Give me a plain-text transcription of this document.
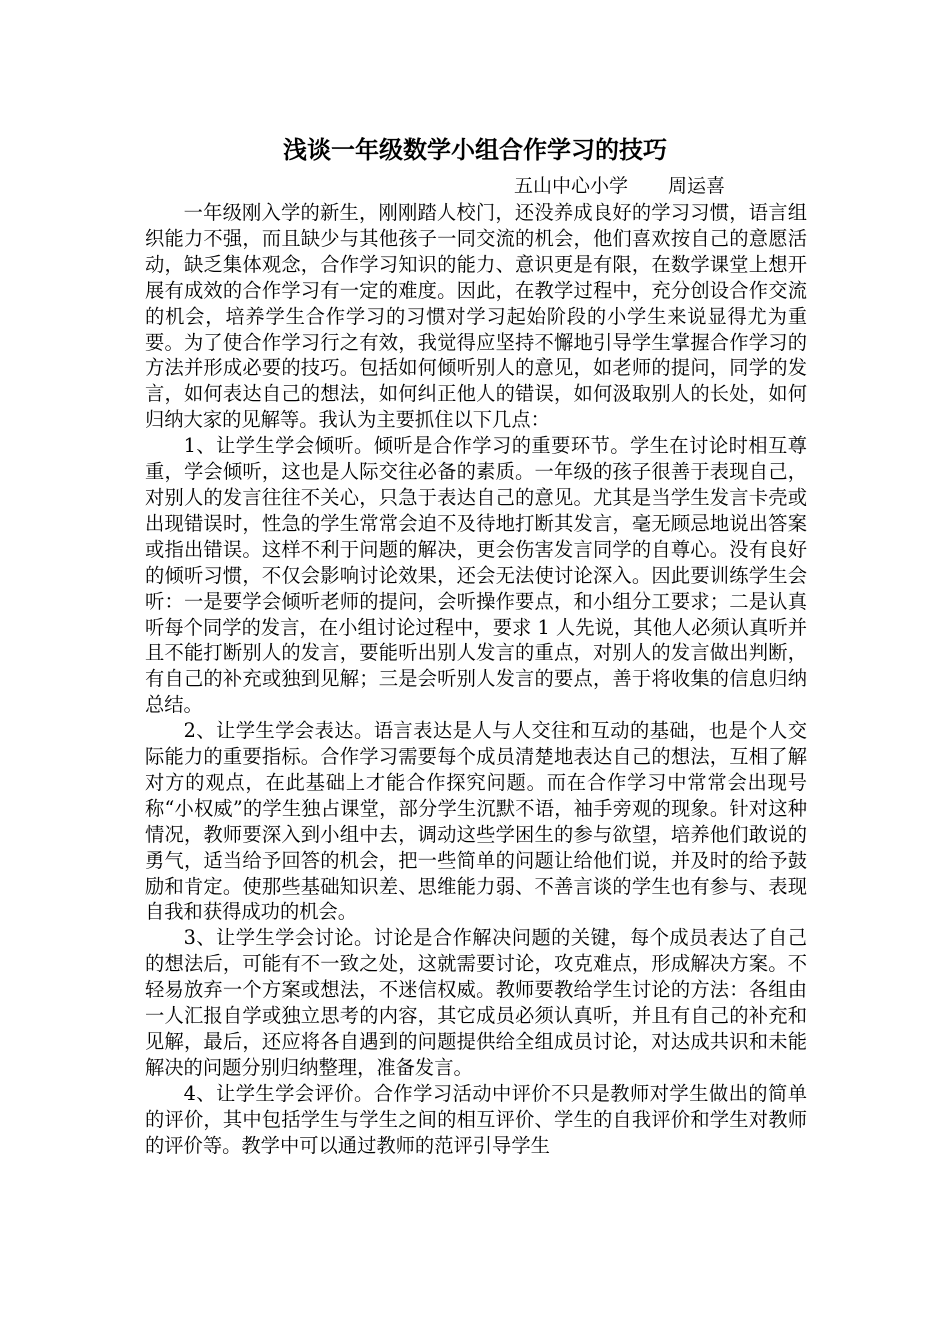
浅谈一年级数学小组合作学习的技巧
五山中心小学 周运喜

一年级刚入学的新生，刚刚踏人校门，还没养成良好的学习习惯，语言组织能力不强，而且缺少与其他孩子一同交流的机会，他们喜欢按自己的意愿活动，缺乏集体观念，合作学习知识的能力、意识更是有限，在数学课堂上想开展有成效的合作学习有一定的难度。因此，在教学过程中，充分创设合作交流的机会，培养学生合作学习的习惯对学习起始阶段的小学生来说显得尤为重要。为了使合作学习行之有效，我觉得应坚持不懈地引导学生掌握合作学习的方法并形成必要的技巧。包括如何倾听别人的意见，如老师的提问，同学的发言，如何表达自己的想法，如何纠正他人的错误，如何汲取别人的长处，如何归纳大家的见解等。我认为主要抓住以下几点：

1、让学生学会倾听。倾听是合作学习的重要环节。学生在讨论时相互尊重，学会倾听，这也是人际交往必备的素质。一年级的孩子很善于表现自己，对别人的发言往往不关心，只急于表达自己的意见。尤其是当学生发言卡壳或出现错误时，性急的学生常常会迫不及待地打断其发言，毫无顾忌地说出答案或指出错误。这样不利于问题的解决，更会伤害发言同学的自尊心。没有良好的倾听习惯，不仅会影响讨论效果，还会无法使讨论深入。因此要训练学生会听：一是要学会倾听老师的提问，会听操作要点，和小组分工要求；二是认真听每个同学的发言，在小组讨论过程中，要求 1 人先说，其他人必须认真听并且不能打断别人的发言，要能听出别人发言的重点，对别人的发言做出判断，有自己的补充或独到见解；三是会听别人发言的要点，善于将收集的信息归纳总结。

2、让学生学会表达。语言表达是人与人交往和互动的基础，也是个人交际能力的重要指标。合作学习需要每个成员清楚地表达自己的想法，互相了解对方的观点，在此基础上才能合作探究问题。而在合作学习中常常会出现号称“小权威”的学生独占课堂，部分学生沉默不语，袖手旁观的现象。针对这种情况，教师要深入到小组中去，调动这些学困生的参与欲望，培养他们敢说的勇气，适当给予回答的机会，把一些简单的问题让给他们说，并及时的给予鼓励和肯定。使那些基础知识差、思维能力弱、不善言谈的学生也有参与、表现自我和获得成功的机会。

3、让学生学会讨论。讨论是合作解决问题的关键，每个成员表达了自己的想法后，可能有不一致之处，这就需要讨论，攻克难点，形成解决方案。不轻易放弃一个方案或想法，不迷信权威。教师要教给学生讨论的方法：各组由一人汇报自学或独立思考的内容，其它成员必须认真听，并且有自己的补充和见解，最后，还应将各自遇到的问题提供给全组成员讨论，对达成共识和未能解决的问题分别归纳整理，准备发言。

4、让学生学会评价。合作学习活动中评价不只是教师对学生做出的简单的评价，其中包括学生与学生之间的相互评价、学生的自我评价和学生对教师的评价等。教学中可以通过教师的范评引导学生
